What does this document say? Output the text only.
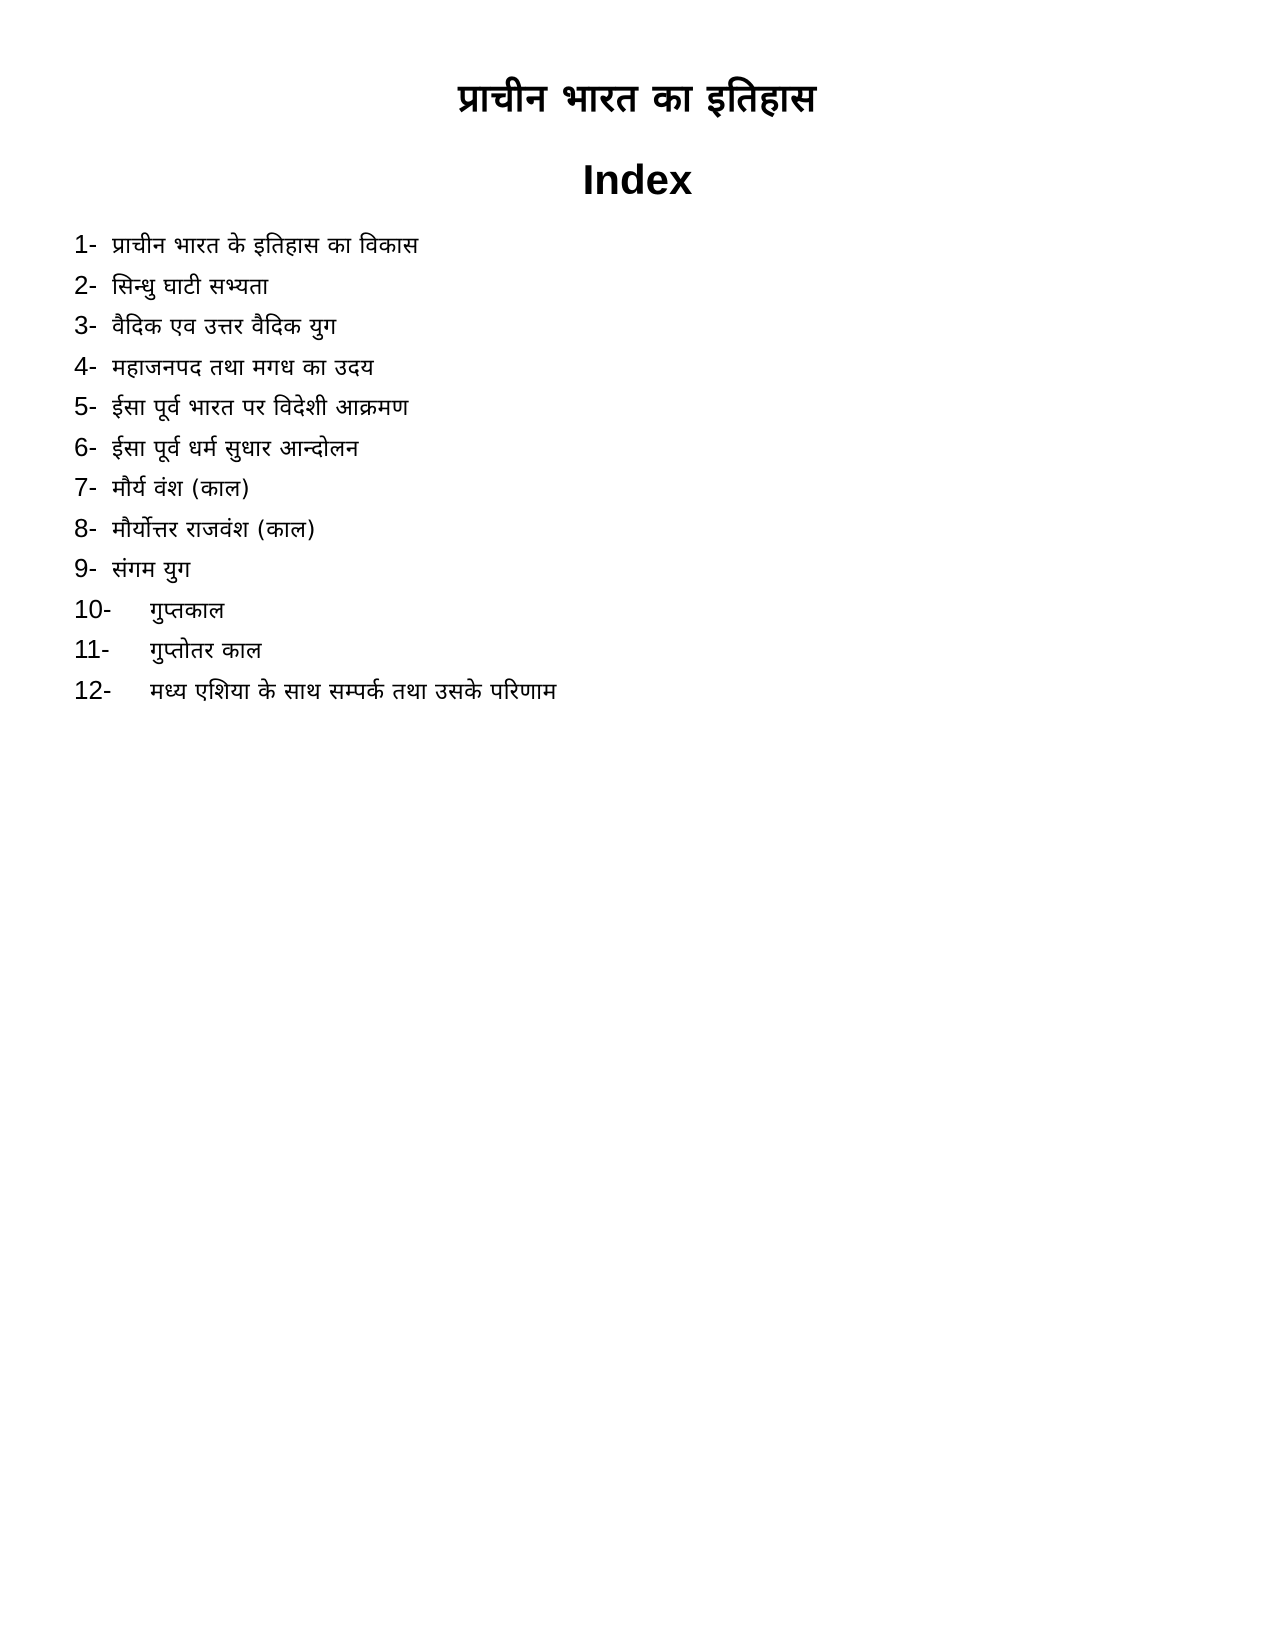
प्राचीन भारत का इतिहास
Index
1- प्राचीन भारत के इतिहास का विकास
2- सिन्धु घाटी सभ्यता
3- वैदिक एव उत्तर वैदिक युग
4- महाजनपद तथा मगध का उदय
5- ईसा पूर्व भारत पर विदेशी आक्रमण
6- ईसा पूर्व धर्म सुधार आन्दोलन
7- मौर्य वंश (काल)
8- मौर्योत्तर राजवंश (काल)
9- संगम युग
10-	गुप्तकाल
11-	गुप्तोतर काल
12-	मध्य एशिया के साथ सम्पर्क तथा उसके परिणाम
